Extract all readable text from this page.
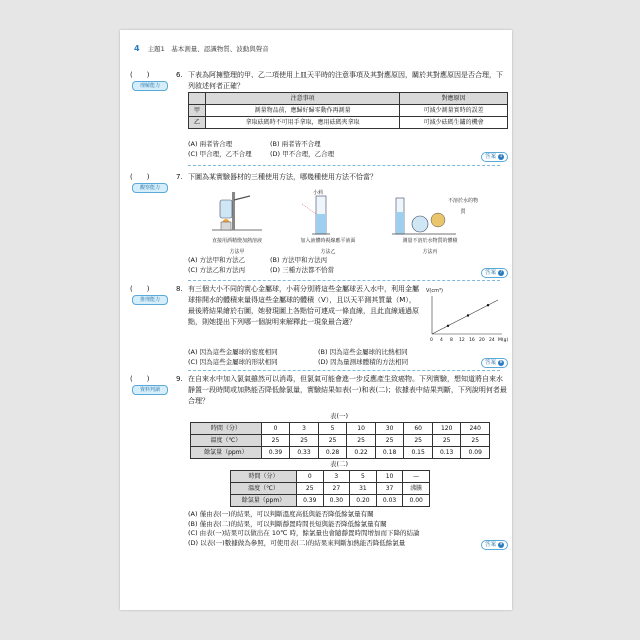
4 主題1　基本測量、認識物質、波動與聲音
(　　)
理解能力
6. 下表為阿擁整理的甲、乙二項使用上皿天平時的注意事項及其對應原因，關於其對應原因是否合理，下列敘述何者正確？
	注意事項	對應原因
甲	測量物品前，應歸好歸零動作再測量	可減少測量實時的誤差
乙	拿取砝碼時不可用手拿取，應用砝碼夾拿取	可減少砝碼生鏽的機會
(A) 兩者皆合理	(B) 兩者皆不合理
(C) 甲合理，乙不合理	(D) 甲不合理，乙合理	答案 1
(　　)
觀察能力
7. 下圖為某實驗器材的三種使用方法，哪幾種使用方法不恰當？
直接用酒精燈加熱溶液
方法甲
小莉
加入液體時視線應平液面
方法乙
不溶於水的物質
測量不溶於水物質的體積
方法丙
(A) 方法甲和方法乙	(B) 方法甲和方法丙
(C) 方法乙和方法丙	(D) 三種方法都不恰當	答案 7
(　　)
推理能力
8. 有三個大小不同的實心金屬球，小莉分別將這些金屬球丟入水中，利用金屬球排開水的體積來量得這些金屬球的體積（V），且以天平測其質量（M），最後將結果繪於右圖，她發現圖上各點恰可連成一條直線，且此直線通過原點，則她提出下列哪一個說明來解釋此一現象最合適？
V(cm³)
0 4 8 12 16 20 24 M(g)
(A) 因為這些金屬球的密度相同	(B) 因為這些金屬球的比熱相同
(C) 因為這些金屬球的形狀相同	(D) 因為量測球體積的方法相同	答案 8
(　　)
資料判讀
9. 在自來水中加入氯氣雖然可以消毒，但氯氣可能會進一步反應產生致癌物。下列實驗，想知道將自來水靜置一段時間或加熱能否降低餘氯量，實驗結果如表(一)和表(二)；依據表中結果判斷，下列說明何者最合理？
表(一)
時間（分）	0	3	5	10	30	60	120	240
溫度（℃）	25	25	25	25	25	25	25	25
餘氯量（ppm）	0.39	0.33	0.28	0.22	0.18	0.15	0.13	0.09
表(二)
時間（分）	0	3	5	10	—
溫度（℃）	25	27	31	37	沸騰
餘氯量（ppm）	0.39	0.30	0.20	0.03	0.00
(A) 僅由表(一)的結果，可以判斷溫度高低與能否降低餘氯量有關
(B) 僅由表(二)的結果，可以判斷靜置時間長短與能否降低餘氯量有關
(C) 由表(一)結果可以做出在 10℃ 時，餘氯量也會隨靜置時間增加而下降的結論
(D) 以表(一)數據做為參照，可使用表(二)的結果來判斷加熱能否降低餘氯量	答案 9
